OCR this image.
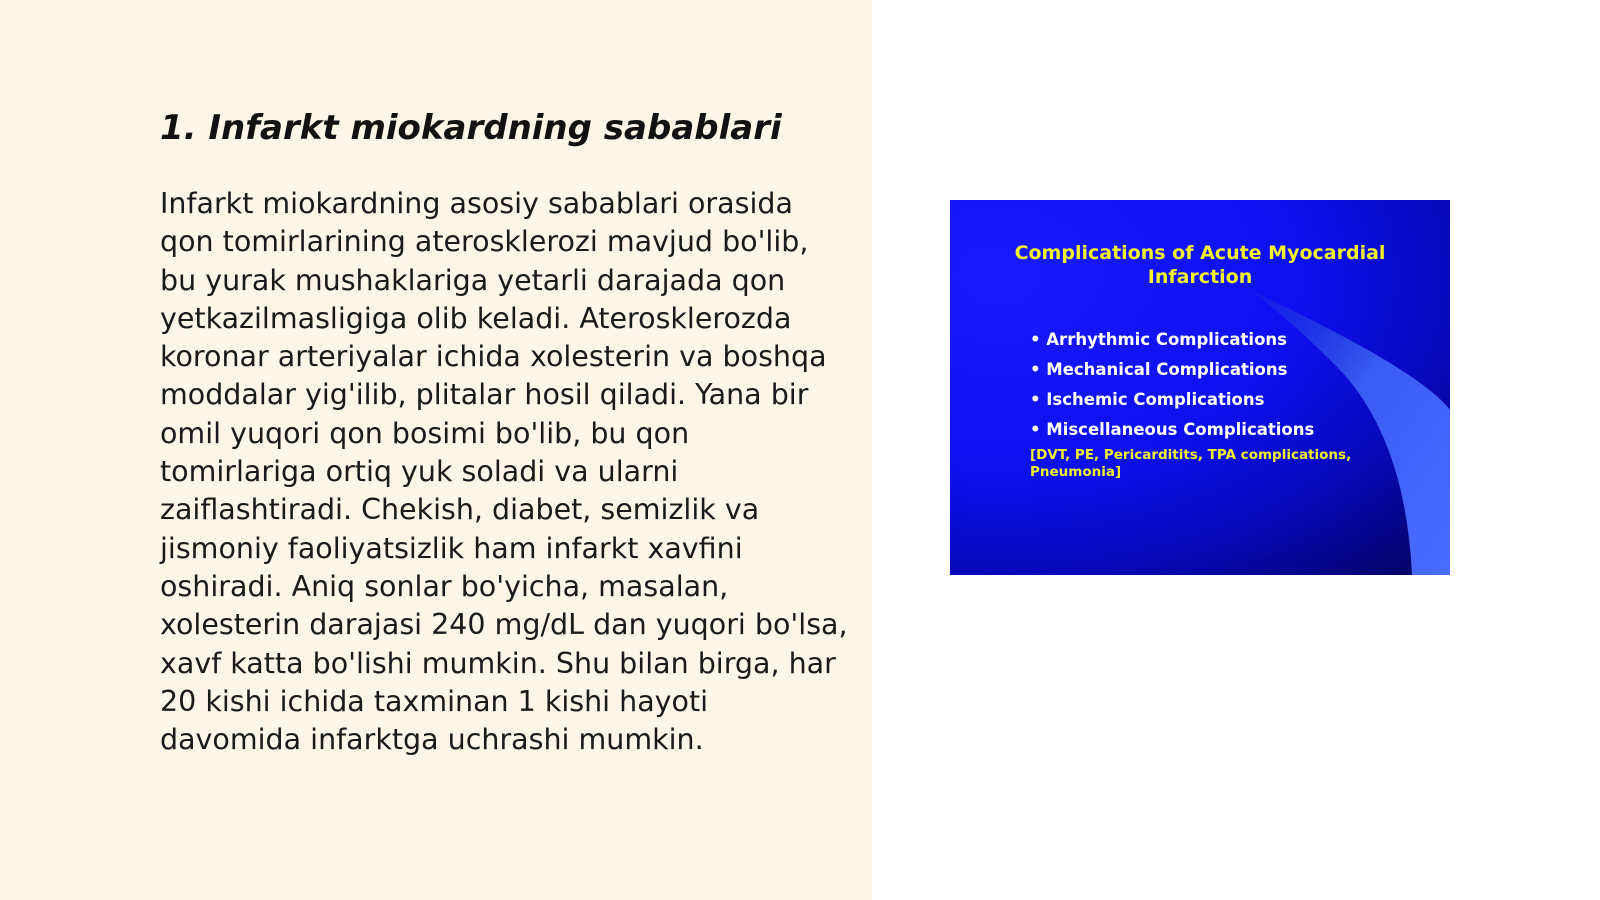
1. Infarkt miokardning sabablari

Infarkt miokardning asosiy sabablari orasida qon tomirlarining aterosklerozi mavjud bo'lib, bu yurak mushaklariga yetarli darajada qon yetkazilmasligiga olib keladi. Aterosklerozda koronar arteriyalar ichida xolesterin va boshqa moddalar yig'ilib, plitalar hosil qiladi. Yana bir omil yuqori qon bosimi bo'lib, bu qon tomirlariga ortiq yuk soladi va ularni zaiflashtiradi. Chekish, diabet, semizlik va jismoniy faoliyatsizlik ham infarkt xavfini oshiradi. Aniq sonlar bo'yicha, masalan, xolesterin darajasi 240 mg/dL dan yuqori bo'lsa, xavf katta bo'lishi mumkin. Shu bilan birga, har 20 kishi ichida taxminan 1 kishi hayoti davomida infarktga uchrashi mumkin.

Complications of Acute Myocardial Infarction
• Arrhythmic Complications
• Mechanical Complications
• Ischemic Complications
• Miscellaneous Complications
[DVT, PE, Pericarditits, TPA complications, Pneumonia]
